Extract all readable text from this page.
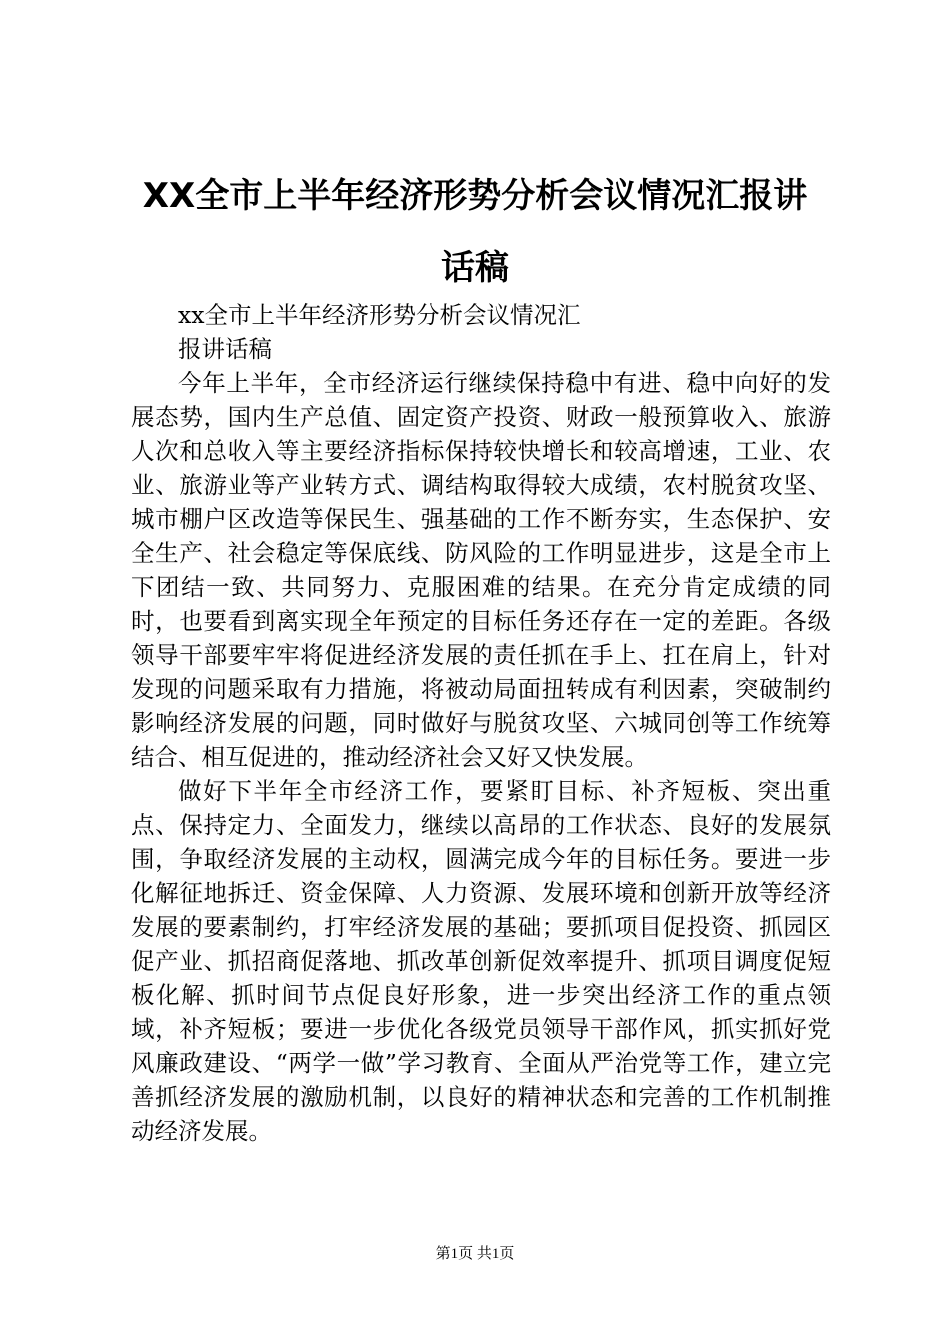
XX全市上半年经济形势分析会议情况汇报讲
话稿

xx全市上半年经济形势分析会议情况汇

报讲话稿

今年上半年，全市经济运行继续保持稳中有进、稳中向好的发展态势，国内生产总值、固定资产投资、财政一般预算收入、旅游人次和总收入等主要经济指标保持较快增长和较高增速，工业、农业、旅游业等产业转方式、调结构取得较大成绩，农村脱贫攻坚、城市棚户区改造等保民生、强基础的工作不断夯实，生态保护、安全生产、社会稳定等保底线、防风险的工作明显进步，这是全市上下团结一致、共同努力、克服困难的结果。在充分肯定成绩的同时，也要看到离实现全年预定的目标任务还存在一定的差距。各级领导干部要牢牢将促进经济发展的责任抓在手上、扛在肩上，针对发现的问题采取有力措施，将被动局面扭转成有利因素，突破制约影响经济发展的问题，同时做好与脱贫攻坚、六城同创等工作统筹结合、相互促进的，推动经济社会又好又快发展。

做好下半年全市经济工作，要紧盯目标、补齐短板、突出重点、保持定力、全面发力，继续以高昂的工作状态、良好的发展氛围，争取经济发展的主动权，圆满完成今年的目标任务。要进一步化解征地拆迁、资金保障、人力资源、发展环境和创新开放等经济发展的要素制约，打牢经济发展的基础；要抓项目促投资、抓园区促产业、抓招商促落地、抓改革创新促效率提升、抓项目调度促短板化解、抓时间节点促良好形象，进一步突出经济工作的重点领域，补齐短板；要进一步优化各级党员领导干部作风，抓实抓好党风廉政建设、“两学一做”学习教育、全面从严治党等工作，建立完善抓经济发展的激励机制，以良好的精神状态和完善的工作机制推动经济发展。

第1页 共1页
